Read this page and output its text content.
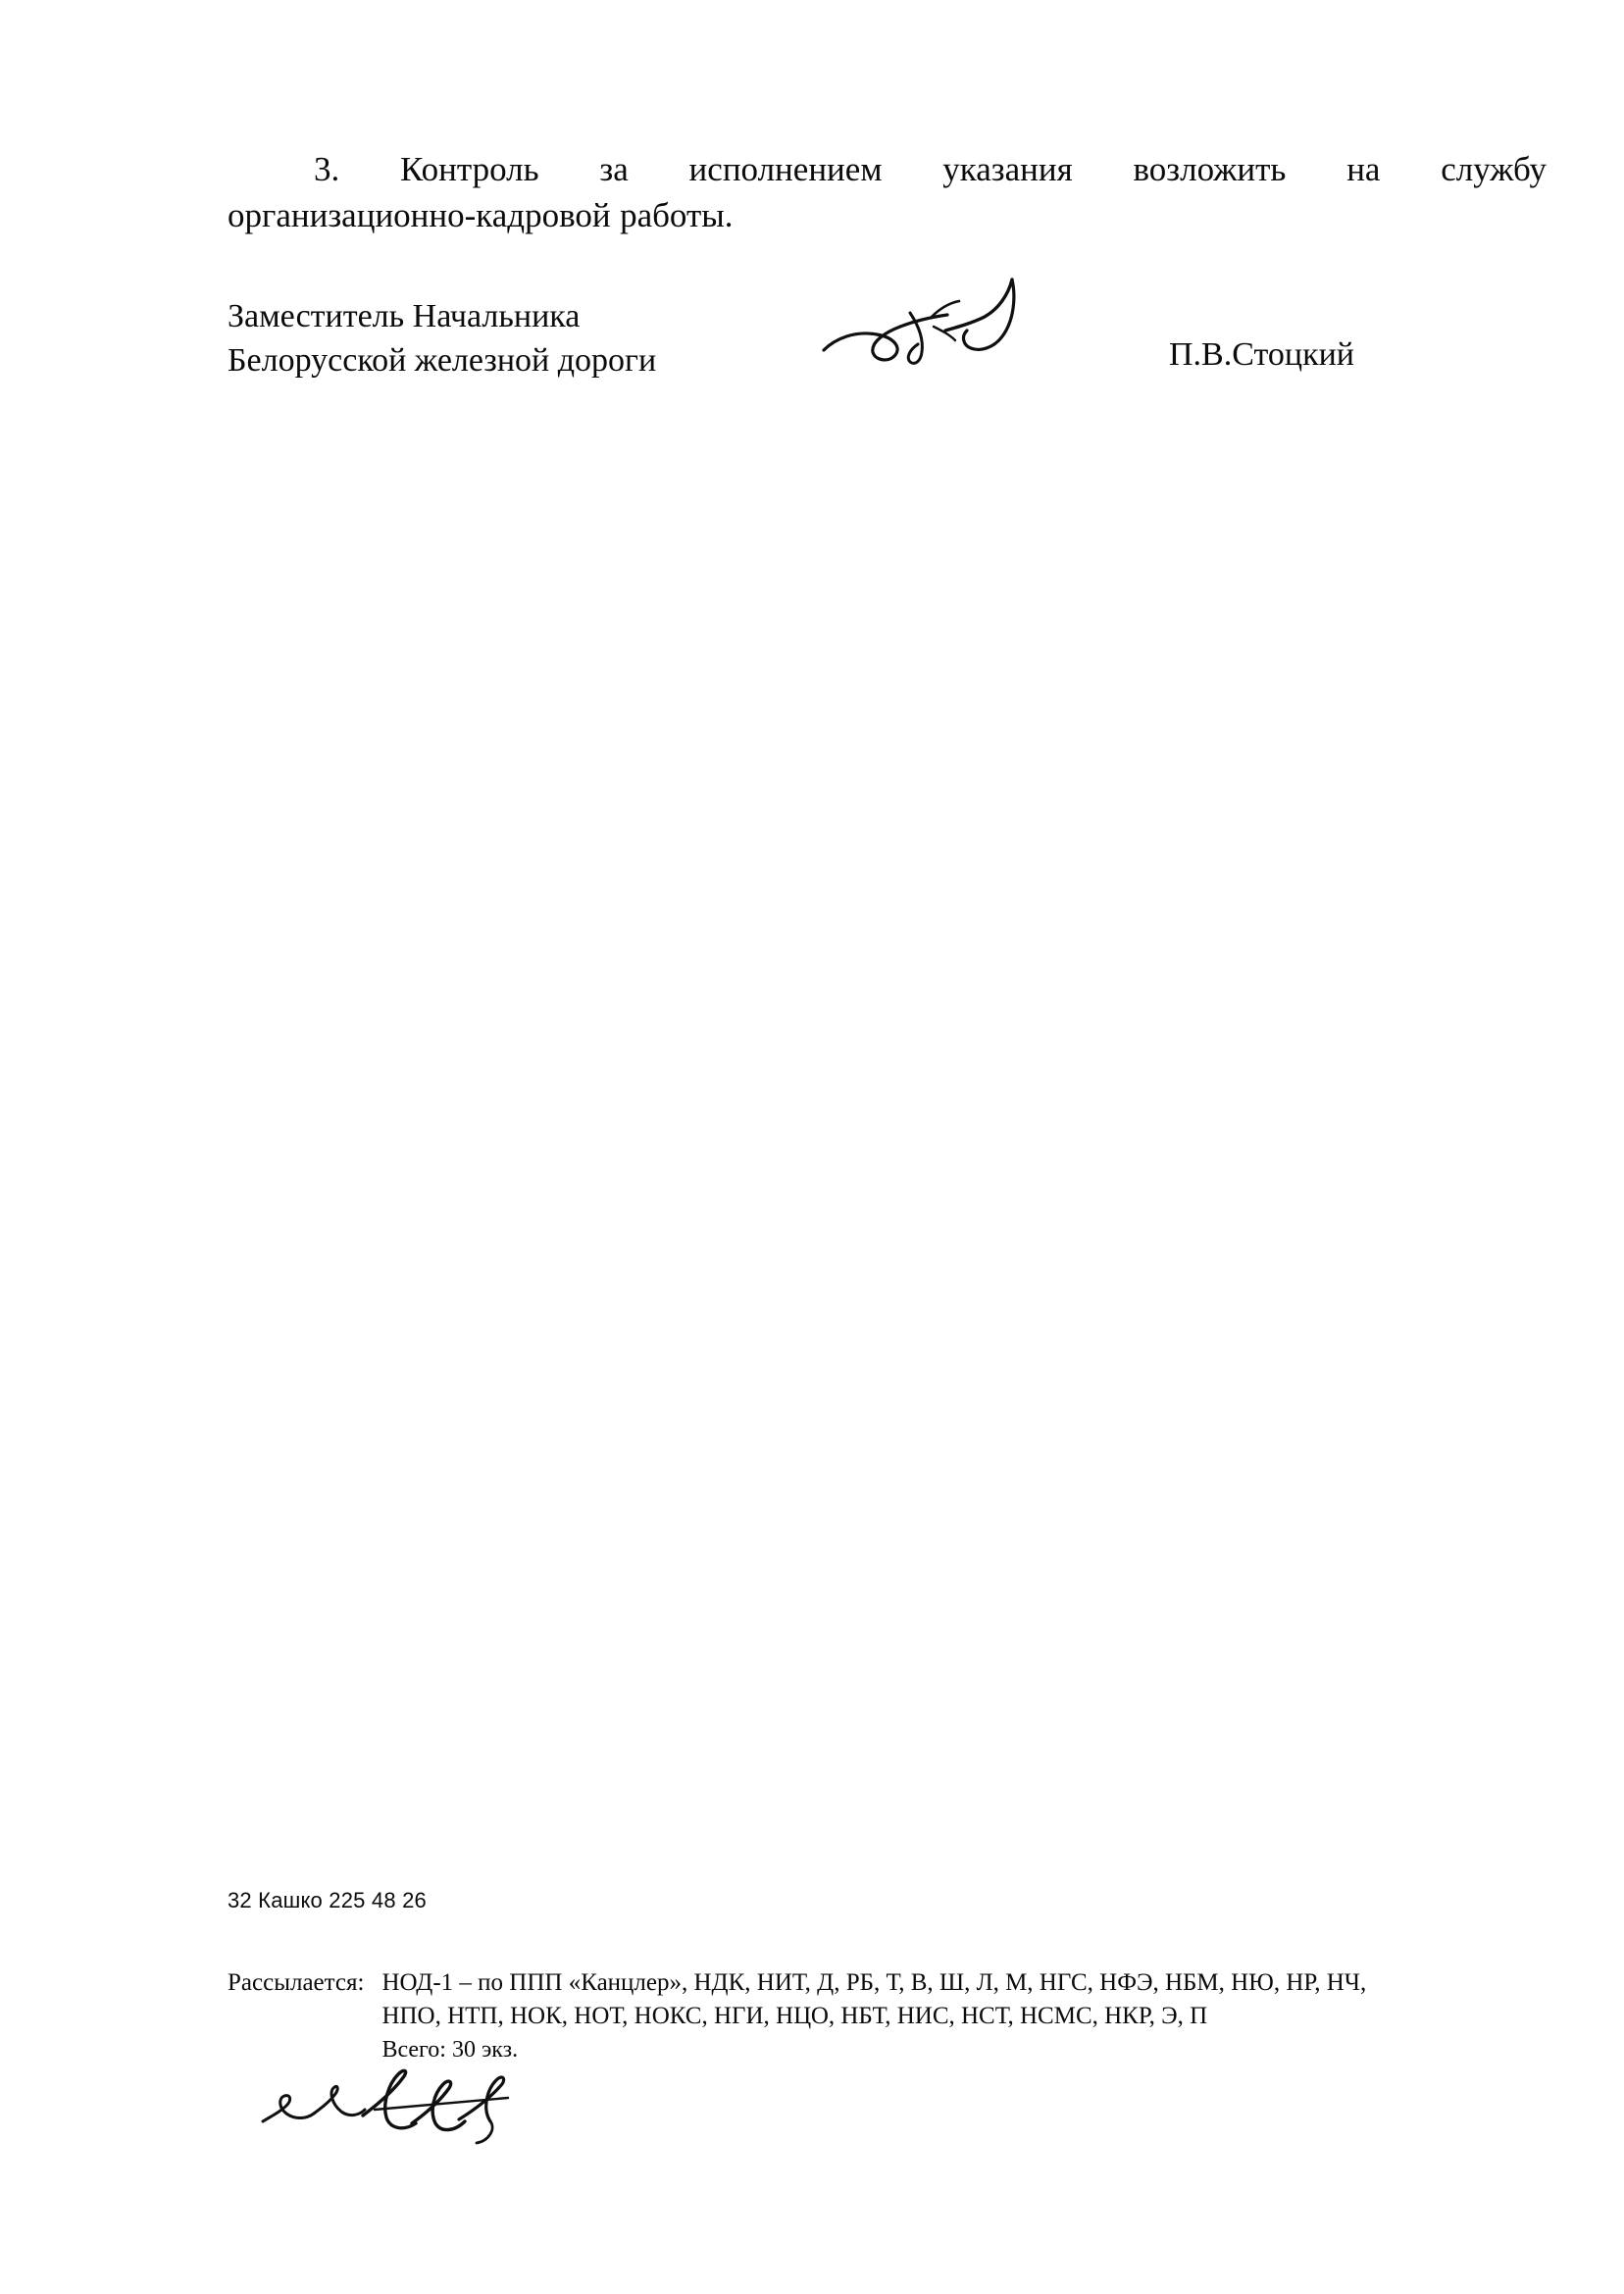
3. Контроль за исполнением указания возложить на службу
организационно-кадровой работы.
Заместитель Начальника
Белорусской железной дороги	П.В.Стоцкий
32 Кашко 225 48 26
Рассылается: НОД-1 – по ППП «Канцлер», НДК, НИТ, Д, РБ, Т, В, Ш, Л, М, НГС, НФЭ, НБМ, НЮ, НР, НЧ,
НПО, НТП, НОК, НОТ, НОКС, НГИ, НЦО, НБТ, НИС, НСТ, НСМС, НКР, Э, П
Всего: 30 экз.
